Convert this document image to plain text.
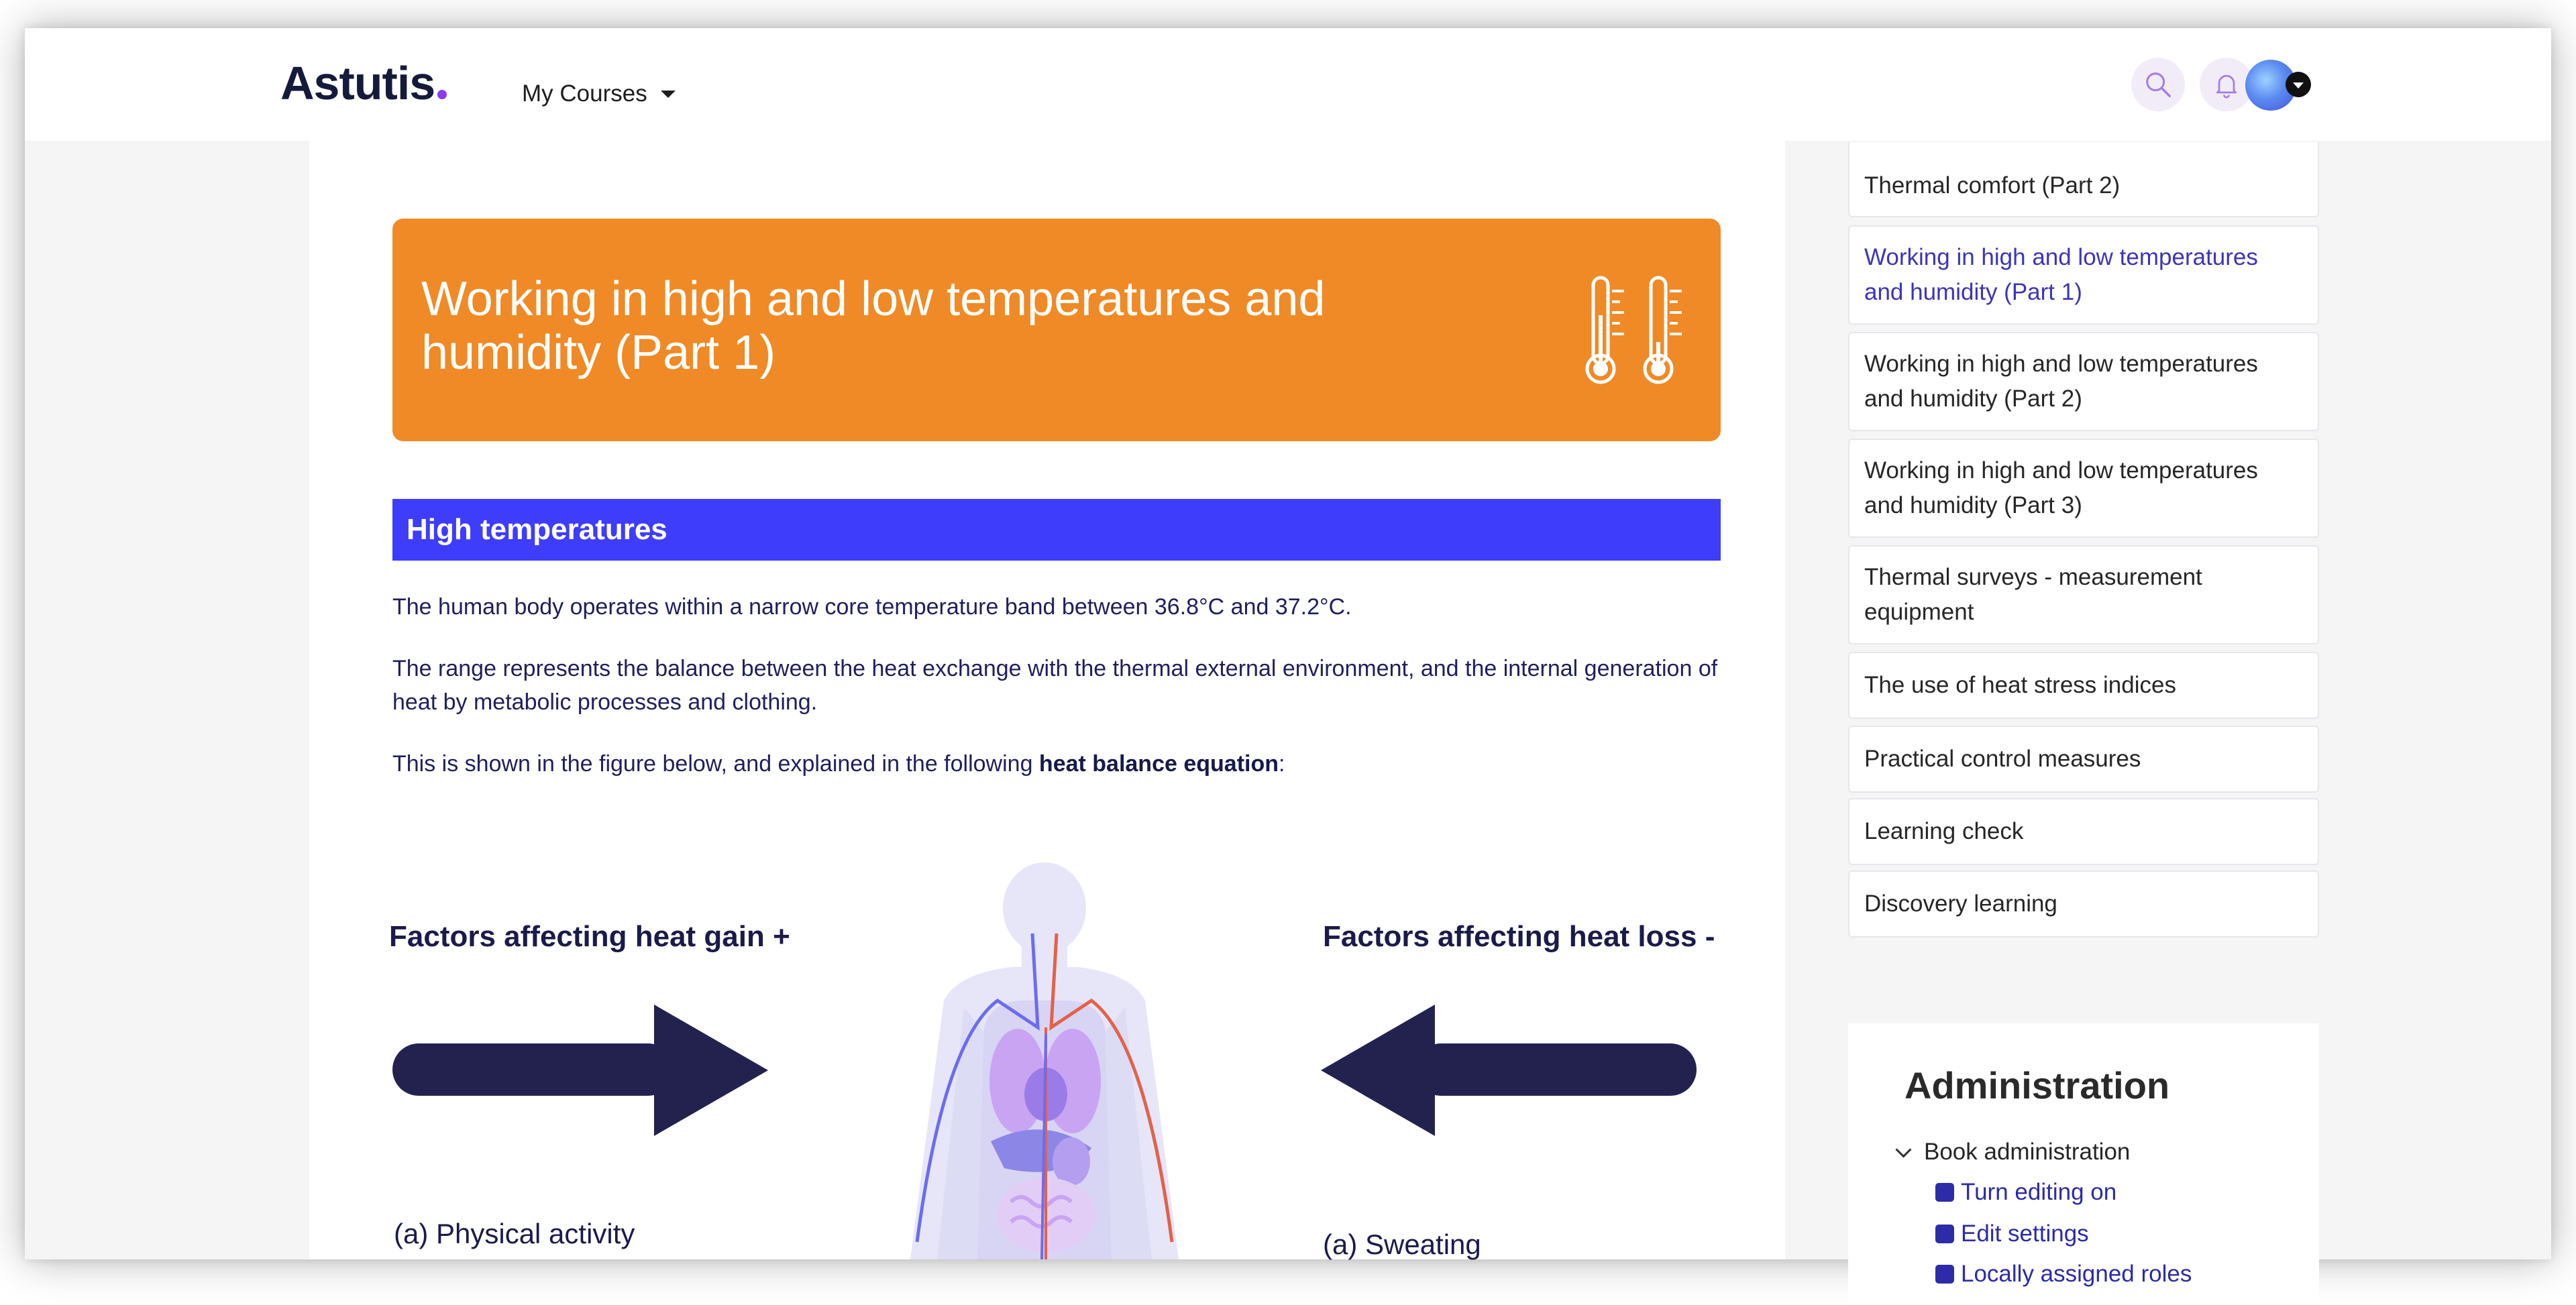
Astutis	My Courses
Working in high and low temperatures and humidity (Part 1)
High temperatures

The human body operates within a narrow core temperature band between 36.8°C and 37.2°C.

The range represents the balance between the heat exchange with the thermal external environment, and the internal generation of heat by metabolic processes and clothing.

This is shown in the figure below, and explained in the following heat balance equation:

Factors affecting heat gain +	Factors affecting heat loss -
(a) Physical activity	(a) Sweating
Thermal comfort (Part 2)
Working in high and low temperatures and humidity (Part 1)
Working in high and low temperatures and humidity (Part 2)
Working in high and low temperatures and humidity (Part 3)
Thermal surveys - measurement equipment
The use of heat stress indices
Practical control measures
Learning check
Discovery learning
Administration
Book administration
Turn editing on
Edit settings
Locally assigned roles
